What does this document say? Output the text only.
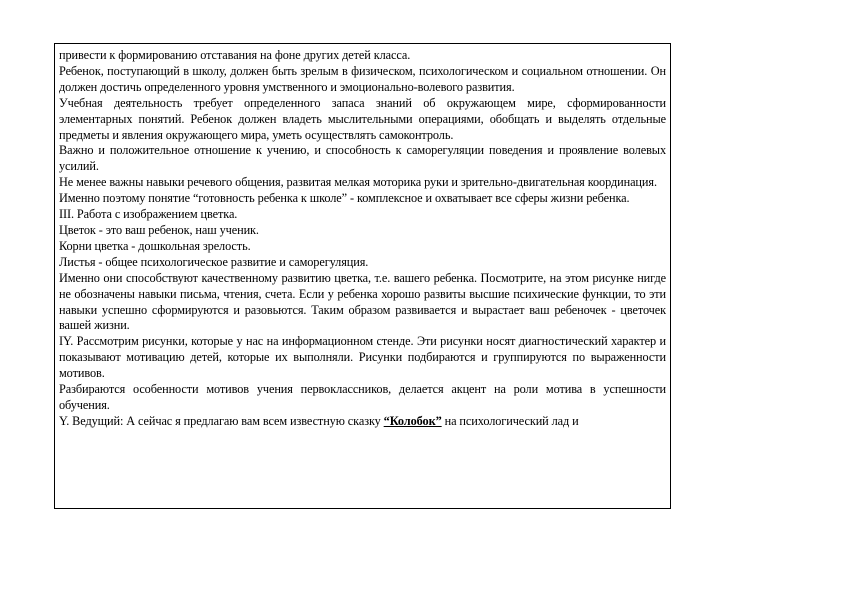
привести к формированию отставания на фоне других детей класса.

Ребенок, поступающий в школу, должен быть зрелым в физическом, психологическом и социальном отношении. Он должен достичь определенного уровня умственного и эмоционально-волевого развития.

Учебная деятельность требует определенного запаса знаний об окружающем мире, сформированности элементарных понятий. Ребенок должен владеть мыслительными операциями, обобщать и выделять отдельные предметы и явления окружающего мира, уметь осуществлять самоконтроль.

Важно и положительное отношение к учению, и способность к саморегуляции поведения и проявление волевых усилий.

Не менее важны навыки речевого общения, развитая мелкая моторика руки и зрительно-двигательная координация.

Именно поэтому понятие “готовность ребенка к школе” - комплексное и охватывает все сферы жизни ребенка.

III. Работа с изображением цветка.

Цветок - это ваш ребенок, наш ученик.

Корни цветка - дошкольная зрелость.

Листья - общее психологическое развитие и саморегуляция.

Именно они способствуют качественному развитию цветка, т.е. вашего ребенка. Посмотрите, на этом рисунке нигде не обозначены навыки письма, чтения, счета. Если у ребенка хорошо развиты высшие психические функции, то эти навыки успешно сформируются и разовьются. Таким образом развивается и вырастает ваш ребеночек - цветочек вашей жизни.

IY. Рассмотрим рисунки, которые у нас на информационном стенде. Эти рисунки носят диагностический характер и показывают мотивацию детей, которые их выполняли. Рисунки подбираются и группируются по выраженности мотивов.

Разбираются особенности мотивов учения первоклассников, делается акцент на роли мотива в успешности обучения.

Y. Ведущий: А сейчас я предлагаю вам всем известную сказку “Колобок” на психологический лад и
